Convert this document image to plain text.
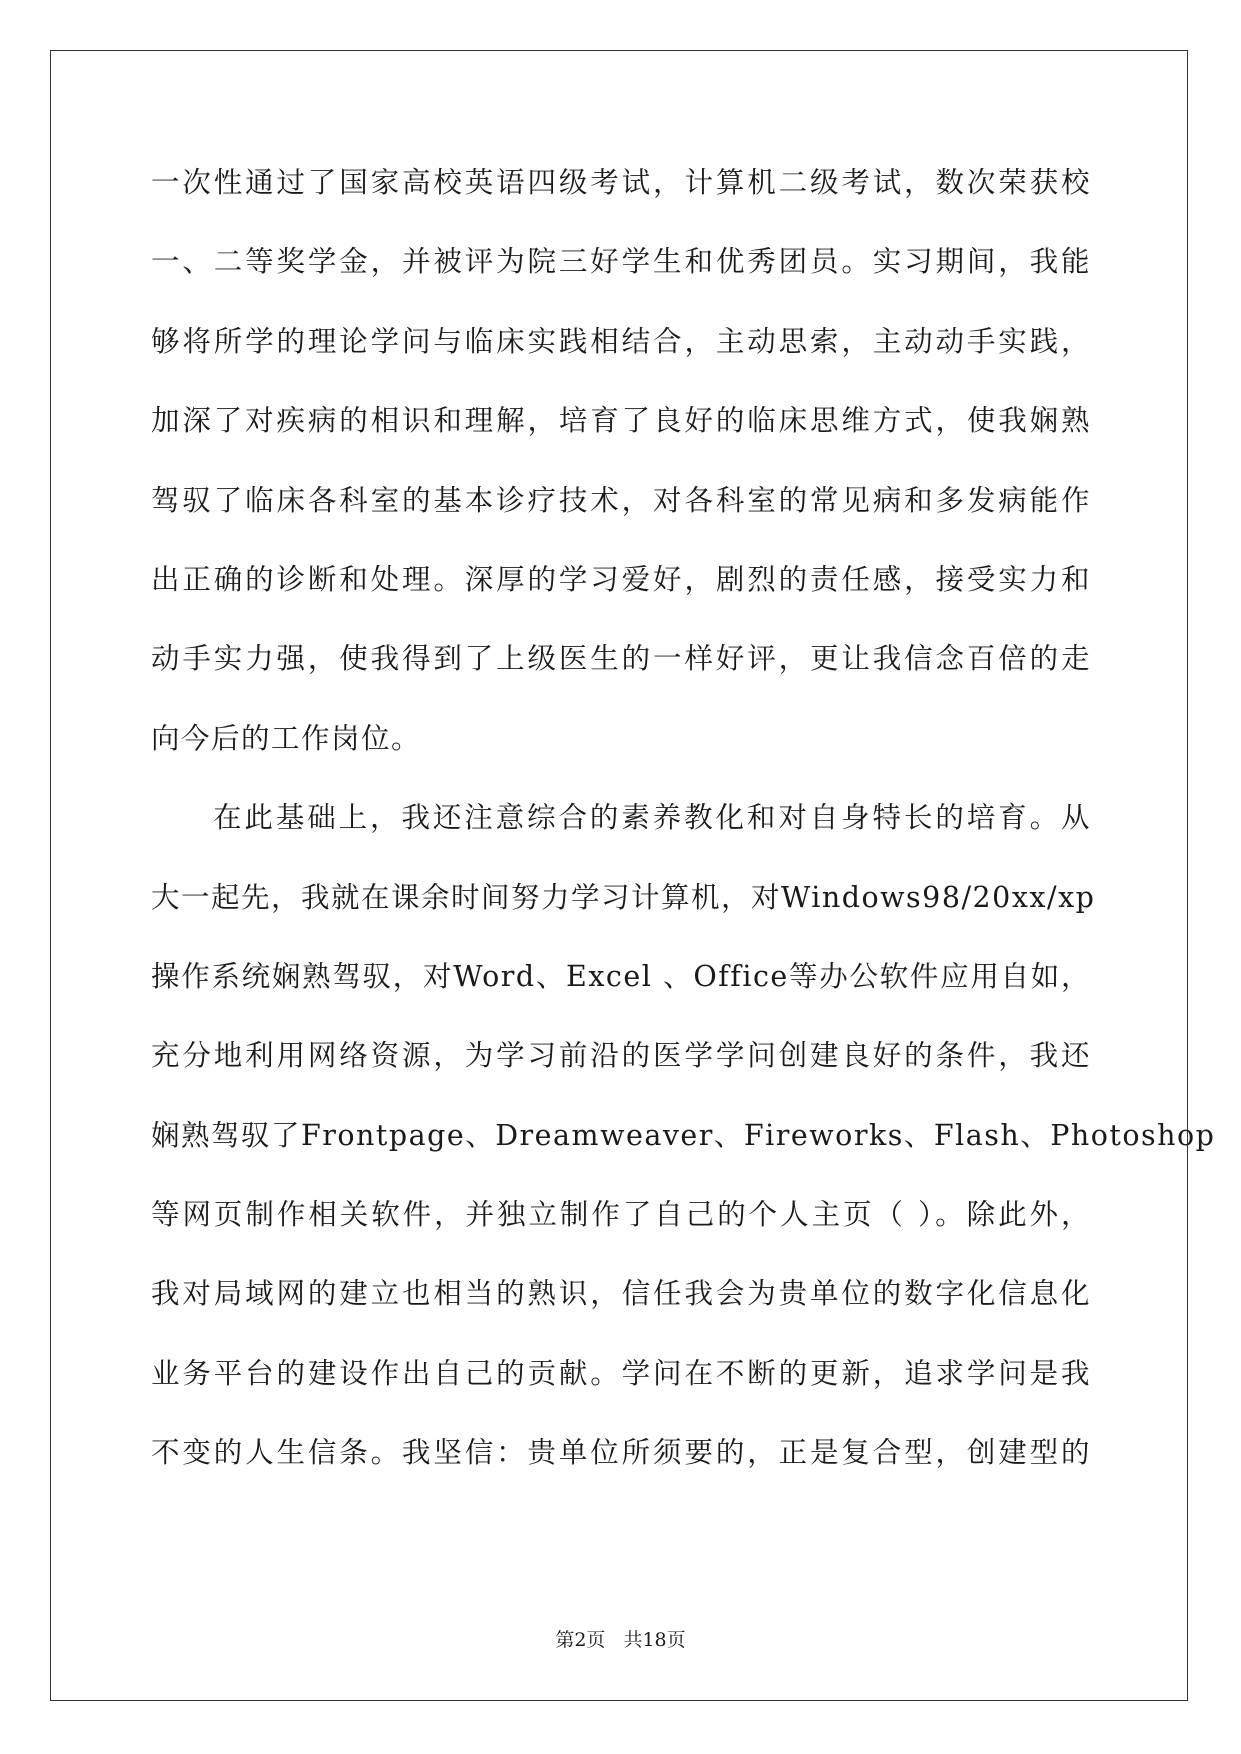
一次性通过了国家高校英语四级考试，计算机二级考试，数次荣获校
一、二等奖学金，并被评为院三好学生和优秀团员。实习期间，我能
够将所学的理论学问与临床实践相结合，主动思索，主动动手实践，
加深了对疾病的相识和理解，培育了良好的临床思维方式，使我娴熟
驾驭了临床各科室的基本诊疗技术，对各科室的常见病和多发病能作
出正确的诊断和处理。深厚的学习爱好，剧烈的责任感，接受实力和
动手实力强，使我得到了上级医生的一样好评，更让我信念百倍的走
向今后的工作岗位。
在此基础上，我还注意综合的素养教化和对自身特长的培育。从
大一起先，我就在课余时间努力学习计算机，对Windows98/20xx/xp
操作系统娴熟驾驭，对Word、Excel 、Office等办公软件应用自如，
充分地利用网络资源，为学习前沿的医学学问创建良好的条件，我还
娴熟驾驭了Frontpage、Dreamweaver、Fireworks、Flash、Photoshop
等网页制作相关软件，并独立制作了自己的个人主页（ ）。除此外，
我对局域网的建立也相当的熟识，信任我会为贵单位的数字化信息化
业务平台的建设作出自己的贡献。学问在不断的更新，追求学问是我
不变的人生信条。我坚信：贵单位所须要的，正是复合型，创建型的
第2页 共18页
